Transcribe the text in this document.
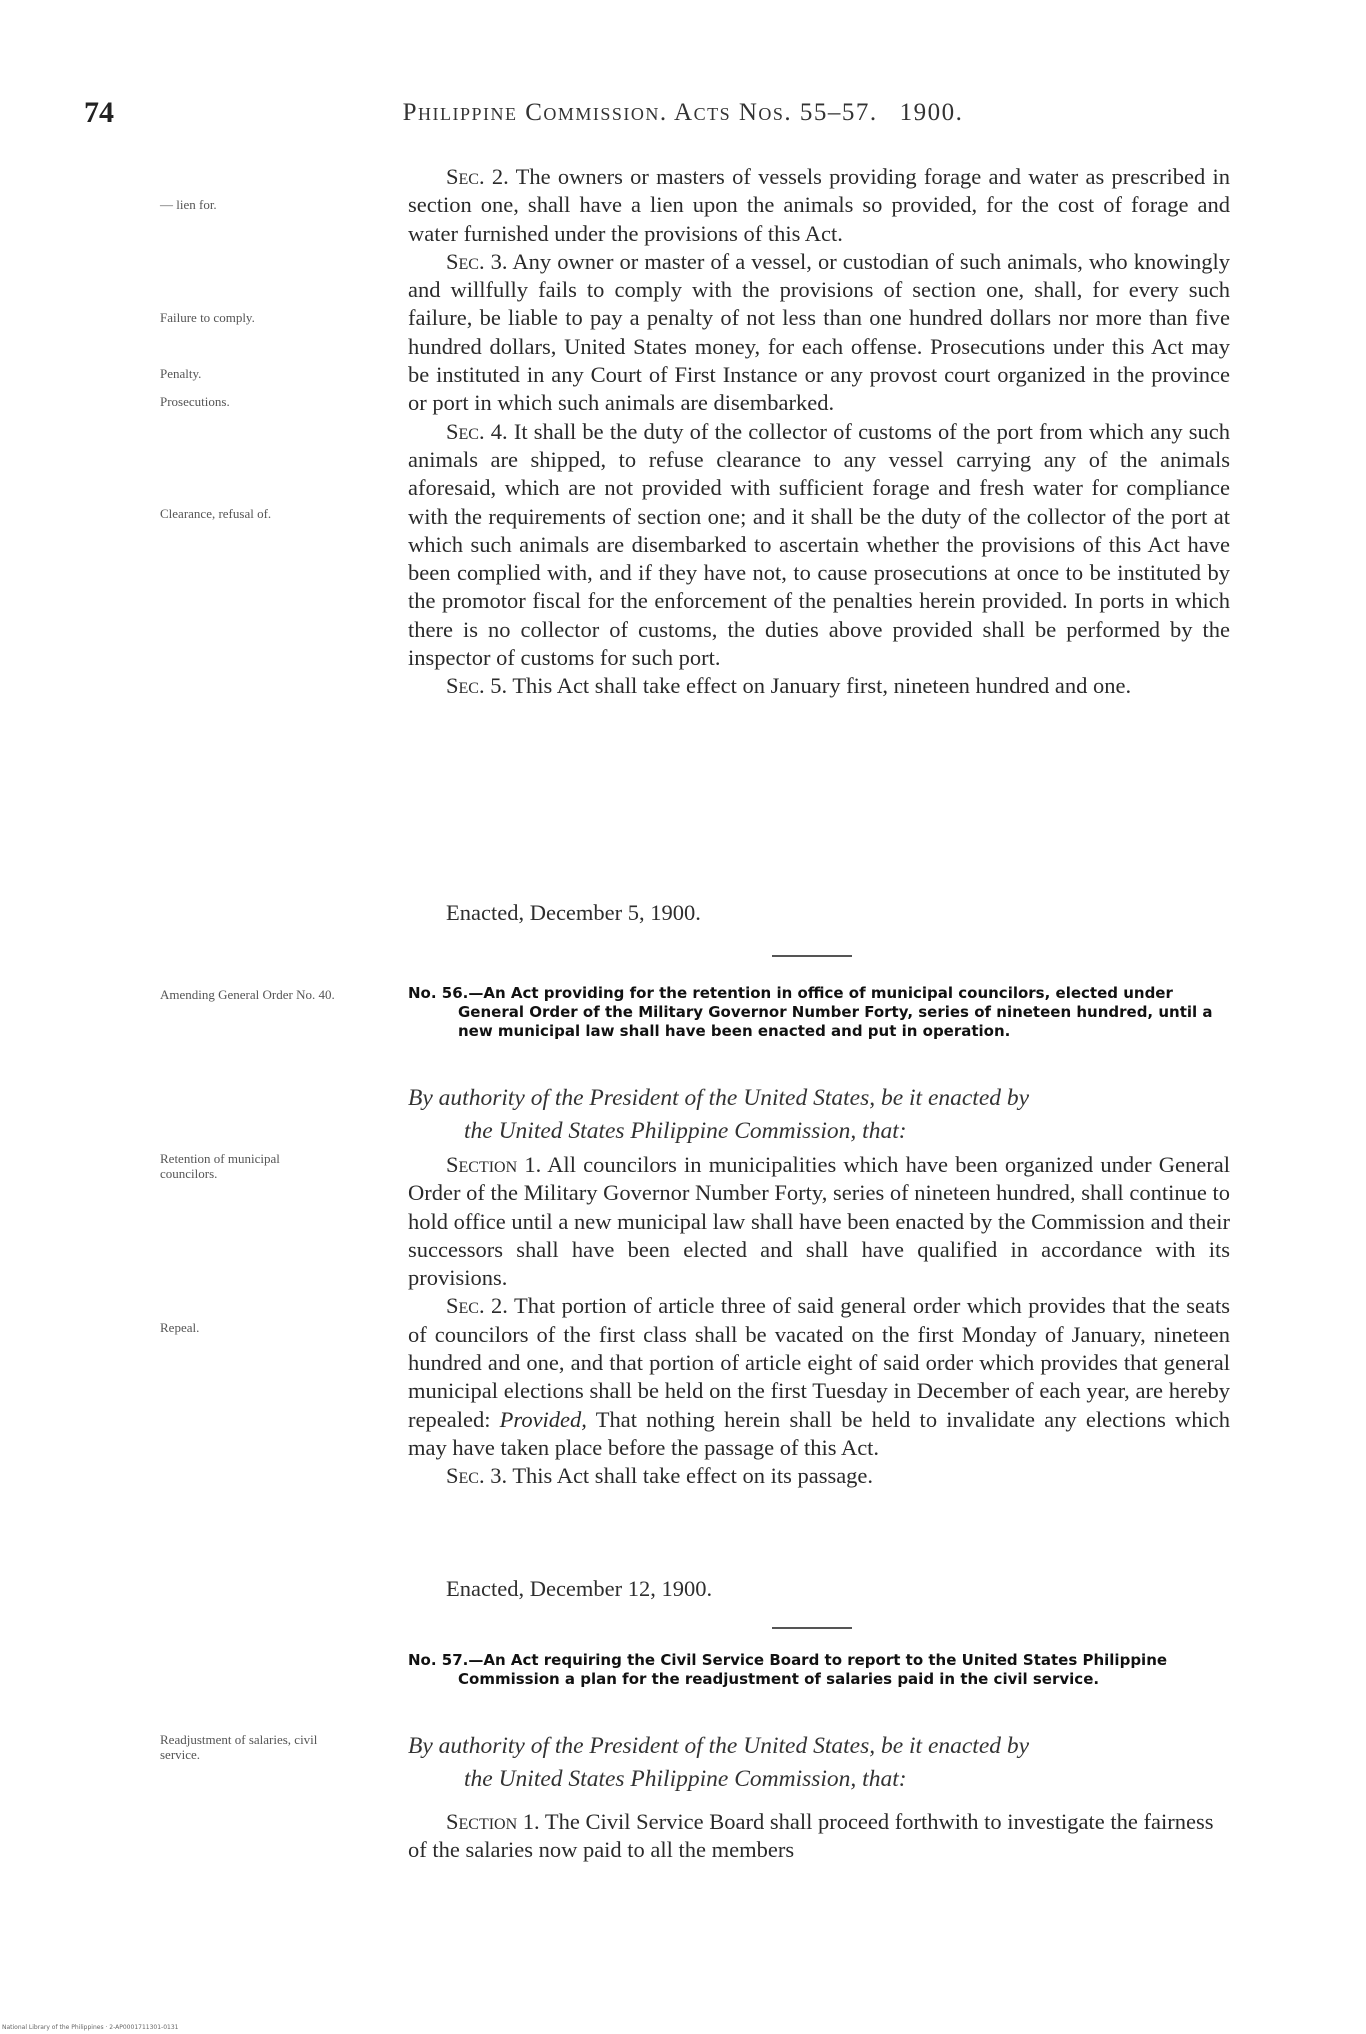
74	Philippine Commission. Acts Nos. 55–57. 1900.
— lien for.
Failure to comply.
Penalty.
Prosecutions.
Clearance, refusal of.
Amending General Order No. 40.
Retention of municipal councilors.
Repeal.
Readjustment of salaries, civil service.

Sec. 2. The owners or masters of vessels providing forage and water as prescribed in section one, shall have a lien upon the animals so provided, for the cost of forage and water furnished under the provisions of this Act.

Sec. 3. Any owner or master of a vessel, or custodian of such animals, who knowingly and willfully fails to comply with the provisions of section one, shall, for every such failure, be liable to pay a penalty of not less than one hundred dollars nor more than five hundred dollars, United States money, for each offense. Prosecutions under this Act may be instituted in any Court of First Instance or any provost court organized in the province or port in which such animals are disembarked.

Sec. 4. It shall be the duty of the collector of customs of the port from which any such animals are shipped, to refuse clearance to any vessel carrying any of the animals aforesaid, which are not provided with sufficient forage and fresh water for compliance with the requirements of section one; and it shall be the duty of the collector of the port at which such animals are disembarked to ascertain whether the provisions of this Act have been complied with, and if they have not, to cause prosecutions at once to be instituted by the promotor fiscal for the enforcement of the penalties herein provided. In ports in which there is no collector of customs, the duties above provided shall be performed by the inspector of customs for such port.

Sec. 5. This Act shall take effect on January first, nineteen hundred and one.

Enacted, December 5, 1900.
No. 56.—An Act providing for the retention in office of municipal councilors, elected under General Order of the Military Governor Number Forty, series of nineteen hundred, until a new municipal law shall have been enacted and put in operation.
By authority of the President of the United States, be it enacted by
the United States Philippine Commission, that:

Section 1. All councilors in municipalities which have been organized under General Order of the Military Governor Number Forty, series of nineteen hundred, shall continue to hold office until a new municipal law shall have been enacted by the Commission and their successors shall have been elected and shall have qualified in accordance with its provisions.

Sec. 2. That portion of article three of said general order which provides that the seats of councilors of the first class shall be vacated on the first Monday of January, nineteen hundred and one, and that portion of article eight of said order which provides that general municipal elections shall be held on the first Tuesday in December of each year, are hereby repealed: Provided, That nothing herein shall be held to invalidate any elections which may have taken place before the passage of this Act.

Sec. 3. This Act shall take effect on its passage.

Enacted, December 12, 1900.
No. 57.—An Act requiring the Civil Service Board to report to the United States Philippine Commission a plan for the readjustment of salaries paid in the civil service.
By authority of the President of the United States, be it enacted by
the United States Philippine Commission, that:

Section 1. The Civil Service Board shall proceed forthwith to investigate the fairness of the salaries now paid to all the members

National Library of the Philippines · 2-AP0001711301-0131
